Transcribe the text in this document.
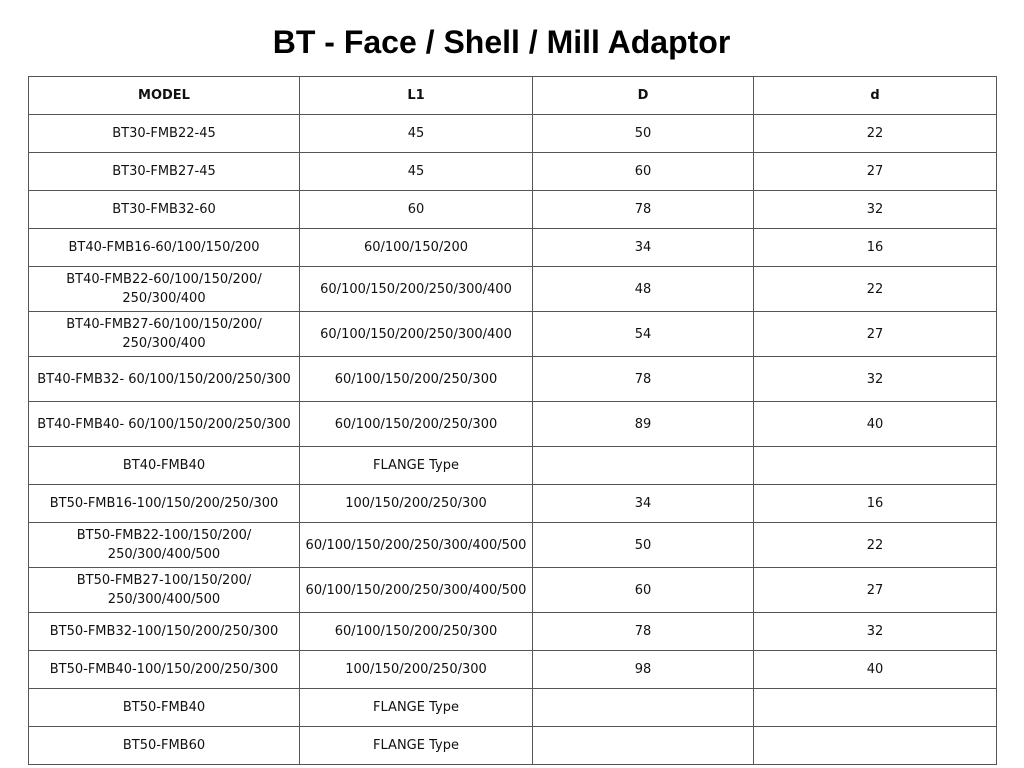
BT - Face / Shell / Mill Adaptor
MODEL	L1	D	d
BT30-FMB22-45	45	50	22
BT30-FMB27-45	45	60	27
BT30-FMB32-60	60	78	32
BT40-FMB16-60/100/150/200	60/100/150/200	34	16
BT40-FMB22-60/100/150/200/ 250/300/400	60/100/150/200/250/300/400	48	22
BT40-FMB27-60/100/150/200/ 250/300/400	60/100/150/200/250/300/400	54	27
BT40-FMB32- 60/100/150/200/250/300	60/100/150/200/250/300	78	32
BT40-FMB40- 60/100/150/200/250/300	60/100/150/200/250/300	89	40
BT40-FMB40	FLANGE Type		
BT50-FMB16-100/150/200/250/300	100/150/200/250/300	34	16
BT50-FMB22-100/150/200/ 250/300/400/500	60/100/150/200/250/300/400/500	50	22
BT50-FMB27-100/150/200/ 250/300/400/500	60/100/150/200/250/300/400/500	60	27
BT50-FMB32-100/150/200/250/300	60/100/150/200/250/300	78	32
BT50-FMB40-100/150/200/250/300	100/150/200/250/300	98	40
BT50-FMB40	FLANGE Type		
BT50-FMB60	FLANGE Type		
